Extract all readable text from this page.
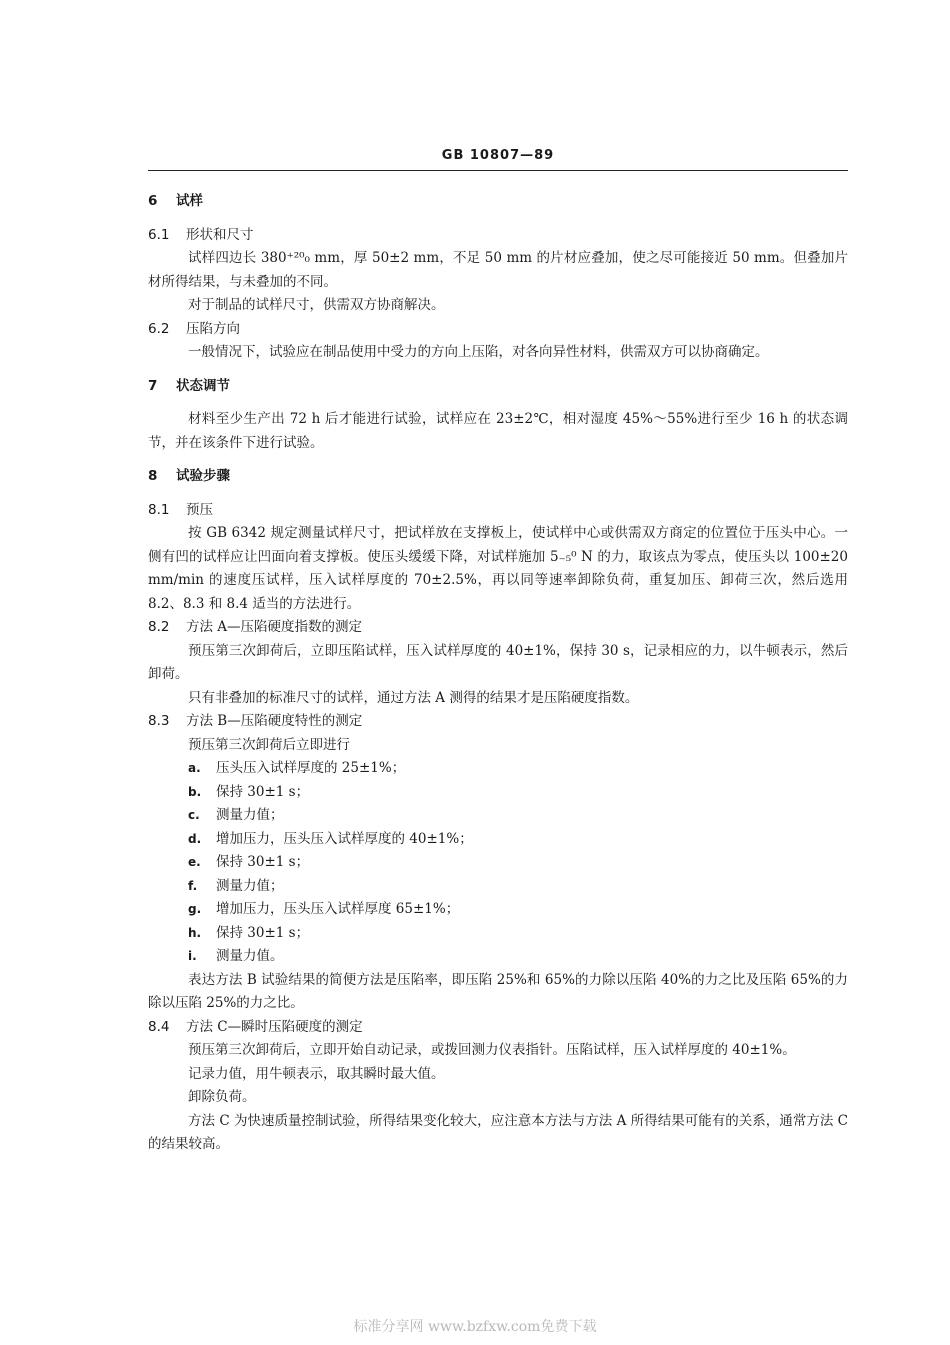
GB 10807—89

6 试样

6.1 形状和尺寸

试样四边长 380⁺²⁰₀ mm，厚 50±2 mm，不足 50 mm 的片材应叠加，使之尽可能接近 50 mm。但叠加片材所得结果，与未叠加的不同。

对于制品的试样尺寸，供需双方协商解决。

6.2 压陷方向

一般情况下，试验应在制品使用中受力的方向上压陷，对各向异性材料，供需双方可以协商确定。

7 状态调节

材料至少生产出 72 h 后才能进行试验，试样应在 23±2℃，相对湿度 45%～55%进行至少 16 h 的状态调节，并在该条件下进行试验。

8 试验步骤

8.1 预压

按 GB 6342 规定测量试样尺寸，把试样放在支撑板上，使试样中心或供需双方商定的位置位于压头中心。一侧有凹的试样应让凹面向着支撑板。使压头缓缓下降，对试样施加 5₋₅⁰ N 的力，取该点为零点，使压头以 100±20 mm/min 的速度压试样，压入试样厚度的 70±2.5%，再以同等速率卸除负荷，重复加压、卸荷三次，然后选用 8.2、8.3 和 8.4 适当的方法进行。

8.2 方法 A—压陷硬度指数的测定

预压第三次卸荷后，立即压陷试样，压入试样厚度的 40±1%，保持 30 s，记录相应的力，以牛顿表示，然后卸荷。

只有非叠加的标准尺寸的试样，通过方法 A 测得的结果才是压陷硬度指数。

8.3 方法 B—压陷硬度特性的测定

预压第三次卸荷后立即进行

a. 压头压入试样厚度的 25±1%；

b. 保持 30±1 s；

c. 测量力值；

d. 增加压力，压头压入试样厚度的 40±1%；

e. 保持 30±1 s；

f. 测量力值；

g. 增加压力，压头压入试样厚度 65±1%；

h. 保持 30±1 s；

i. 测量力值。

表达方法 B 试验结果的简便方法是压陷率，即压陷 25%和 65%的力除以压陷 40%的力之比及压陷 65%的力除以压陷 25%的力之比。

8.4 方法 C—瞬时压陷硬度的测定

预压第三次卸荷后，立即开始自动记录，或拨回测力仪表指针。压陷试样，压入试样厚度的 40±1%。

记录力值，用牛顿表示，取其瞬时最大值。

卸除负荷。

方法 C 为快速质量控制试验，所得结果变化较大，应注意本方法与方法 A 所得结果可能有的关系，通常方法 C 的结果较高。

标准分享网 www.bzfxw.com免费下载
